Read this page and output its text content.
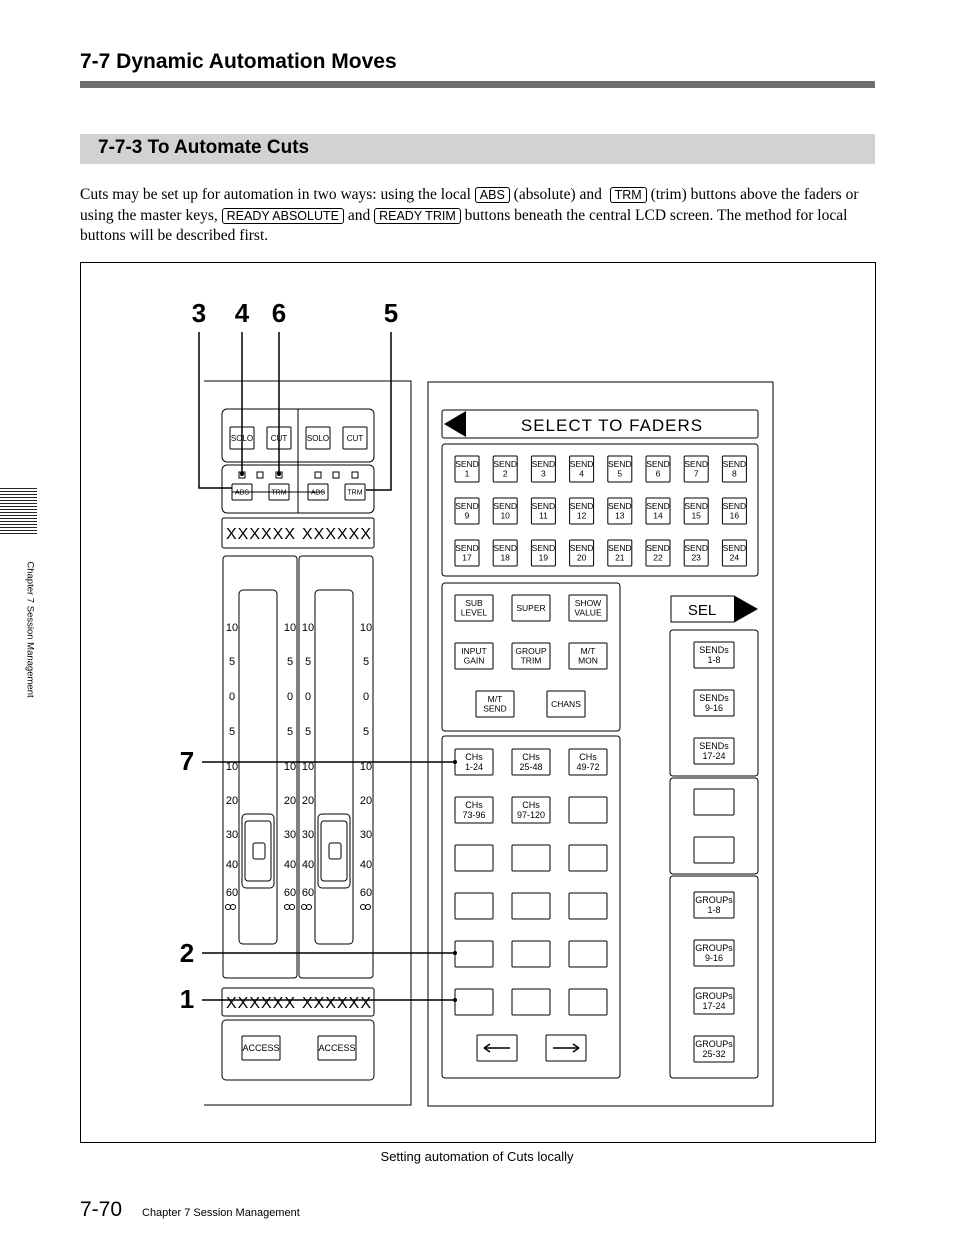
7-7 Dynamic Automation Moves
7-7-3 To Automate Cuts
Cuts may be set up for automation in two ways: using the local ABS (absolute) and TRM (trim) buttons above the faders or using the master keys, READY ABSOLUTE and READY TRIM buttons beneath the central LCD screen. The method for local buttons will be described first.
Chapter 7 Session Management
SOLO CUT
ABS	TRM
SOLO CUT
ABS	TRM
XXXXXX
XXXXXX
XXXXXX
XXXXXX
10	10
5	5
0	0
5	5
10	10
20	20
30	30
40	40
60	60
10	10
5	5
0	0
5	5
10	10
20	20
30	30
40	40
60	60
ACCESS	ACCESS
SELECT TO FADERS
SEND
1
SEND
2
SEND
3
SEND
4
SEND
5
SEND
6
SEND
7
SEND
8
SEND
9
SEND
10
SEND
11
SEND
12
SEND
13
SEND
14
SEND
15
SEND
16
SEND
17
SEND
18
SEND
19
SEND
20
SEND
21
SEND
22
SEND
23
SEND
24
SUB
LEVEL	SUPER	SHOW
VALUE
INPUT
GAIN
GROUP
TRIM
M/T
MON
M/T
SEND	CHANS
CHs
1-24
CHs
25-48
CHs
49-72
CHs
73-96
CHs
97-120
SEL
SENDs
1-8
SENDs
9-16
SENDs
17-24
GROUPs
1-8
GROUPs
9-16
GROUPs
17-24
GROUPs
25-32
3 4 6	5
7
2
1
Setting automation of Cuts locally
7-70 Chapter 7 Session Management
